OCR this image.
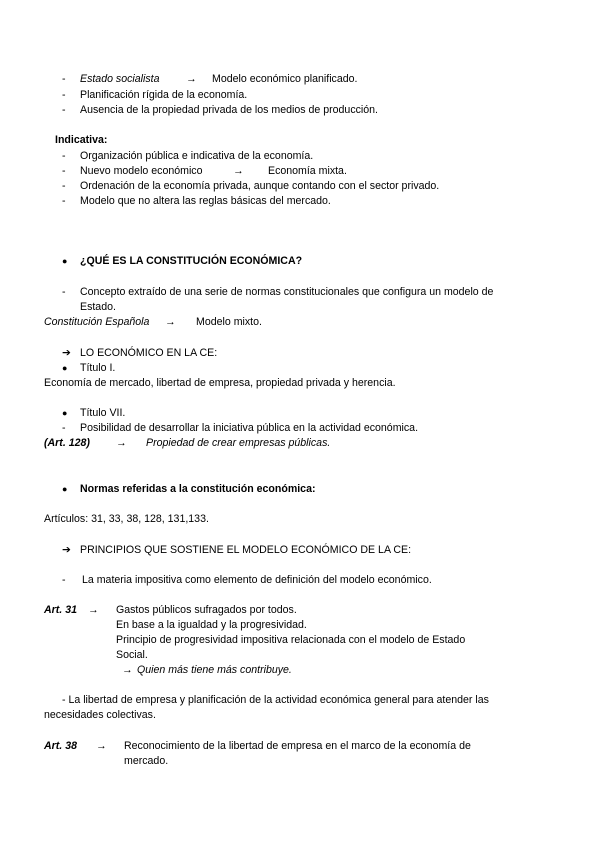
- Estado socialista	→ Modelo económico planificado.
- Planificación rígida de la economía.
- Ausencia de la propiedad privada de los medios de producción.
Indicativa:
- Organización pública e indicativa de la economía.
- Nuevo modelo económico	→ Economía mixta.
- Ordenación de la economía privada, aunque contando con el sector privado.
- Modelo que no altera las reglas básicas del mercado.
● ¿QUÉ ES LA CONSTITUCIÓN ECONÓMICA?
- Concepto extraído de una serie de normas constitucionales que configura un modelo de
Estado.
Constitución Española → Modelo mixto.
➔ LO ECONÓMICO EN LA CE:
● Título I.
Economía de mercado, libertad de empresa, propiedad privada y herencia.
● Título VII.
- Posibilidad de desarrollar la iniciativa pública en la actividad económica.
(Art. 128) → Propiedad de crear empresas públicas.
● Normas referidas a la constitución económica:
Artículos: 31, 33, 38, 128, 131,133.
➔ PRINCIPIOS QUE SOSTIENE EL MODELO ECONÓMICO DE LA CE:
- La materia impositiva como elemento de definición del modelo económico.
Art. 31 → Gastos públicos sufragados por todos.
En base a la igualdad y la progresividad.
Principio de progresividad impositiva relacionada con el modelo de Estado
Social.
→ Quien más tiene más contribuye.
- La libertad de empresa y planificación de la actividad económica general para atender las
necesidades colectivas.
Art. 38 → Reconocimiento de la libertad de empresa en el marco de la economía de
mercado.
